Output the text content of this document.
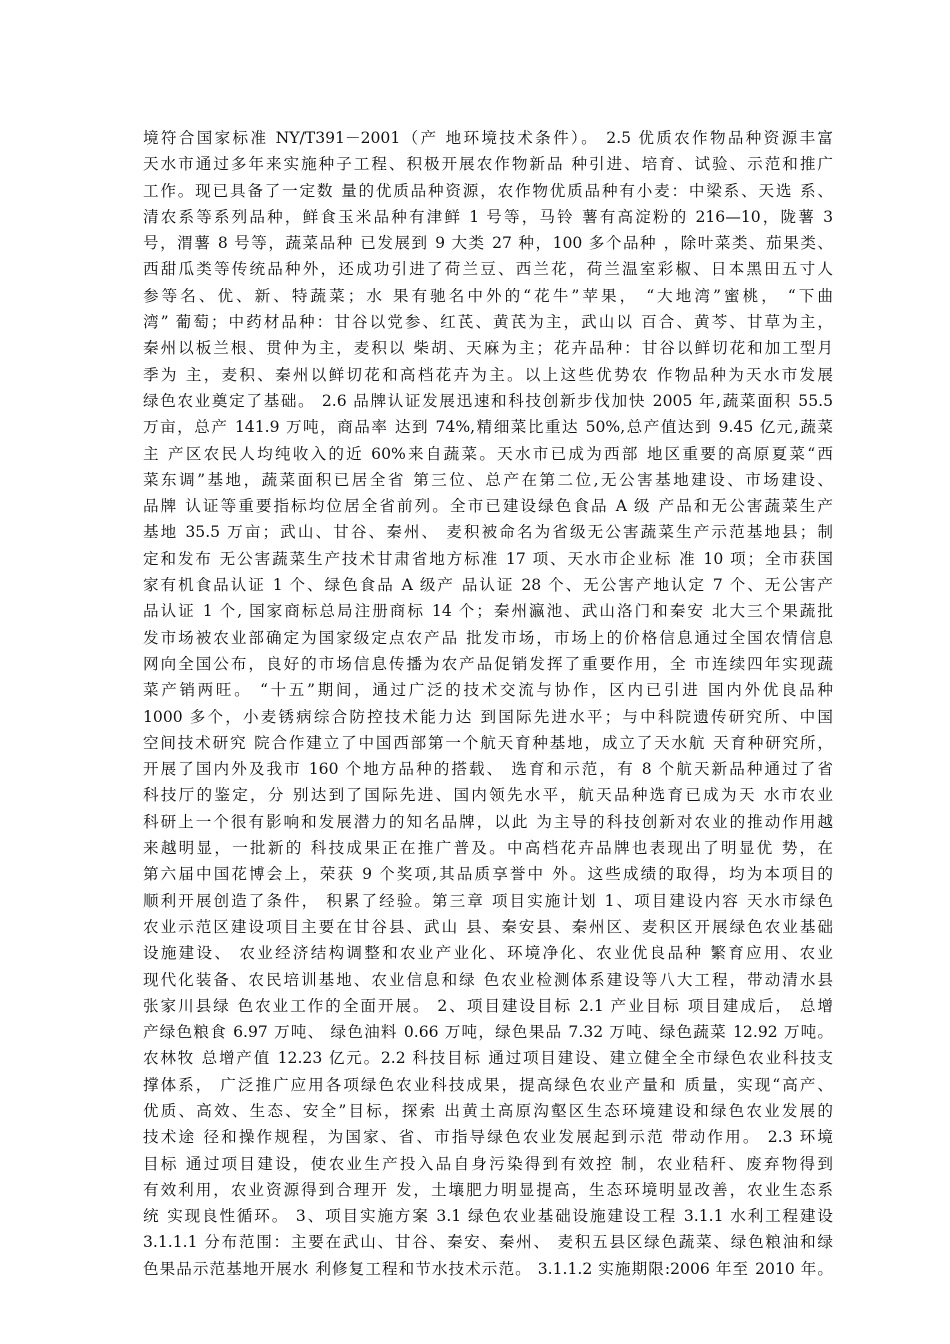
境符合国家标准 NY/T391－2001（产 地环境技术条件）。 2.5 优质农作物品种资源丰富
天水市通过多年来实施种子工程、积极开展农作物新品 种引进、培育、试验、示范和推广
工作。现已具备了一定数 量的优质品种资源，农作物优质品种有小麦：中梁系、天选 系、
清农系等系列品种，鲜食玉米品种有津鲜 1 号等，马铃 薯有高淀粉的 216—10，陇薯 3
号，渭薯 8 号等，蔬菜品种 已发展到 9 大类 27 种，100 多个品种 ，除叶菜类、茄果类、
西甜瓜类等传统品种外，还成功引进了荷兰豆、西兰花，荷兰温室彩椒、日本黑田五寸人
参等名、优、新、特蔬菜；水 果有驰名中外的“花牛”苹果， “大地湾”蜜桃， “下曲
湾” 葡萄；中药材品种：甘谷以党参、红芪、黄芪为主，武山以 百合、黄芩、甘草为主，
秦州以板兰根、贯仲为主，麦积以 柴胡、天麻为主；花卉品种：甘谷以鲜切花和加工型月
季为 主，麦积、秦州以鲜切花和高档花卉为主。以上这些优势农 作物品种为天水市发展
绿色农业奠定了基础。 2.6 品牌认证发展迅速和科技创新步伐加快 2005 年,蔬菜面积 55.5
万亩，总产 141.9 万吨，商品率 达到 74%,精细菜比重达 50%,总产值达到 9.45 亿元,蔬菜
主 产区农民人均纯收入的近 60%来自蔬菜。天水市已成为西部 地区重要的高原夏菜“西
菜东调”基地，蔬菜面积已居全省 第三位、总产在第二位,无公害基地建设、市场建设、
品牌 认证等重要指标均位居全省前列。全市已建设绿色食品 A 级 产品和无公害蔬菜生产
基地 35.5 万亩；武山、甘谷、秦州、 麦积被命名为省级无公害蔬菜生产示范基地县；制
定和发布 无公害蔬菜生产技术甘肃省地方标准 17 项、天水市企业标 准 10 项；全市获国
家有机食品认证 1 个、绿色食品 A 级产 品认证 28 个、无公害产地认定 7 个、无公害产
品认证 1 个, 国家商标总局注册商标 14 个；秦州瀛池、武山洛门和秦安 北大三个果蔬批
发市场被农业部确定为国家级定点农产品 批发市场，市场上的价格信息通过全国农情信息
网向全国公布，良好的市场信息传播为农产品促销发挥了重要作用，全 市连续四年实现蔬
菜产销两旺。 “十五”期间，通过广泛的技术交流与协作，区内已引进 国内外优良品种
1000 多个，小麦锈病综合防控技术能力达 到国际先进水平；与中科院遗传研究所、中国
空间技术研究 院合作建立了中国西部第一个航天育种基地，成立了天水航 天育种研究所，
开展了国内外及我市 160 个地方品种的搭载、 选育和示范，有 8 个航天新品种通过了省
科技厅的鉴定，分 别达到了国际先进、国内领先水平，航天品种选育已成为天 水市农业
科研上一个很有影响和发展潜力的知名品牌，以此 为主导的科技创新对农业的推动作用越
来越明显，一批新的 科技成果正在推广普及。中高档花卉品牌也表现出了明显优 势，在
第六届中国花博会上，荣获 9 个奖项,其品质享誉中 外。这些成绩的取得，均为本项目的
顺利开展创造了条件， 积累了经验。第三章 项目实施计划 1、项目建设内容 天水市绿色
农业示范区建设项目主要在甘谷县、武山 县、秦安县、秦州区、麦积区开展绿色农业基础
设施建设、 农业经济结构调整和农业产业化、环境净化、农业优良品种 繁育应用、农业
现代化装备、农民培训基地、农业信息和绿 色农业检测体系建设等八大工程，带动清水县
张家川县绿 色农业工作的全面开展。 2、项目建设目标 2.1 产业目标 项目建成后， 总增
产绿色粮食 6.97 万吨、 绿色油料 0.66 万吨，绿色果品 7.32 万吨、绿色蔬菜 12.92 万吨。
农林牧 总增产值 12.23 亿元。2.2 科技目标 通过项目建设、建立健全全市绿色农业科技支
撑体系， 广泛推广应用各项绿色农业科技成果，提高绿色农业产量和 质量，实现“高产、
优质、高效、生态、安全”目标，探索 出黄土高原沟壑区生态环境建设和绿色农业发展的
技术途 径和操作规程，为国家、省、市指导绿色农业发展起到示范 带动作用。 2.3 环境
目标 通过项目建设，使农业生产投入品自身污染得到有效控 制，农业秸秆、废弃物得到
有效利用，农业资源得到合理开 发，土壤肥力明显提高，生态环境明显改善，农业生态系
统 实现良性循环。 3、项目实施方案 3.1 绿色农业基础设施建设工程 3.1.1 水利工程建设
3.1.1.1 分布范围：主要在武山、甘谷、秦安、秦州、 麦积五县区绿色蔬菜、绿色粮油和绿
色果品示范基地开展水 利修复工程和节水技术示范。 3.1.1.2 实施期限:2006 年至 2010 年。
